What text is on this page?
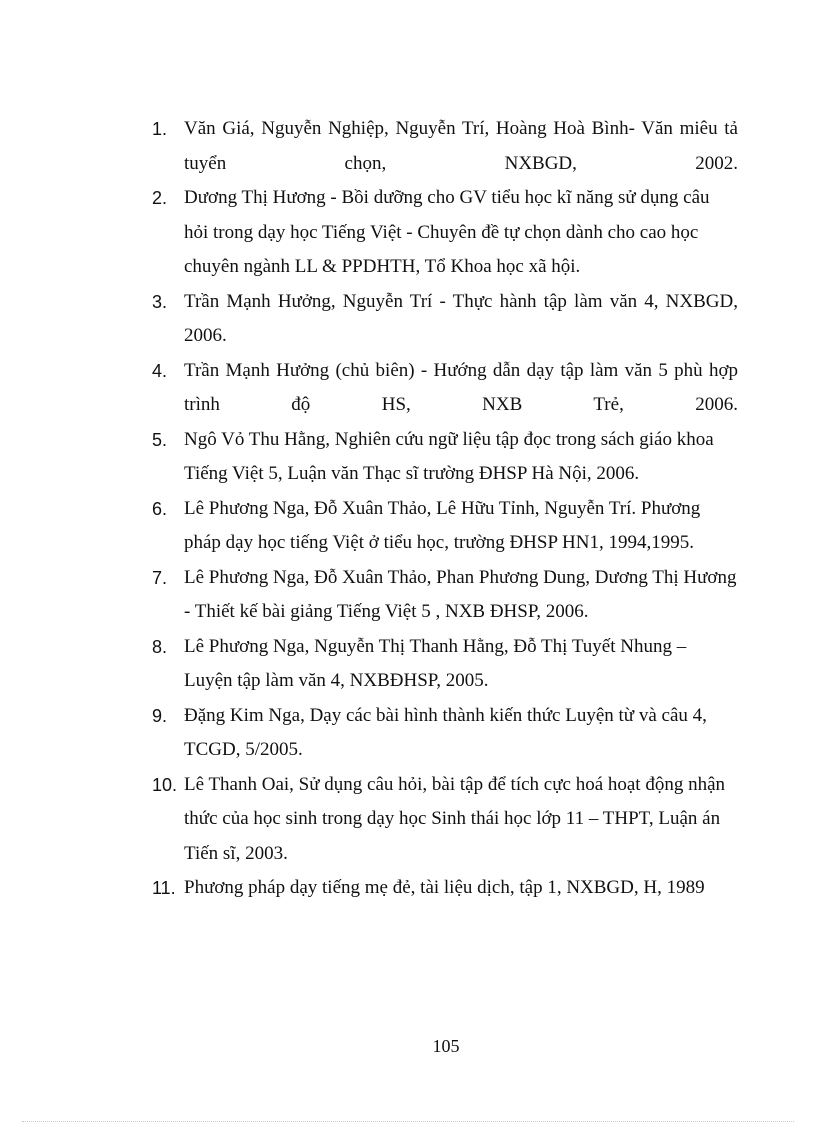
1. Văn Giá, Nguyễn Nghiệp, Nguyễn Trí, Hoàng Hoà Bình- Văn miêu tả tuyển chọn, NXBGD, 2002.
2. Dương Thị Hương - Bồi dưỡng cho GV tiểu học kĩ năng sử dụng câu hỏi trong dạy học Tiếng Việt - Chuyên đề tự chọn dành cho cao học chuyên ngành LL & PPDHTH, Tổ Khoa học xã hội.
3. Trần Mạnh Hưởng, Nguyễn Trí - Thực hành tập làm văn 4, NXBGD, 2006.
4. Trần Mạnh Hưởng (chủ biên) - Hướng dẫn dạy tập làm văn 5 phù hợp trình độ HS, NXB Trẻ, 2006.
5. Ngô Vỏ Thu Hằng, Nghiên cứu ngữ liệu tập đọc trong sách giáo khoa Tiếng Việt 5, Luận văn Thạc sĩ trường ĐHSP Hà Nội, 2006.
6. Lê Phương Nga, Đỗ Xuân Thảo, Lê Hữu Tỉnh, Nguyễn Trí. Phương pháp dạy học tiếng Việt ở tiểu học, trường ĐHSP HN1, 1994,1995.
7. Lê Phương Nga, Đỗ Xuân Thảo, Phan Phương Dung, Dương Thị Hương - Thiết kế bài giảng Tiếng Việt 5 , NXB ĐHSP, 2006.
8. Lê Phương Nga, Nguyễn Thị Thanh Hằng, Đỗ Thị Tuyết Nhung – Luyện tập làm văn 4, NXBĐHSP, 2005.
9. Đặng Kim Nga, Dạy các bài hình thành kiến thức Luyện từ và câu 4, TCGD, 5/2005.
10. Lê Thanh Oai, Sử dụng câu hỏi, bài tập để tích cực hoá hoạt động nhận thức của học sinh trong dạy học Sinh thái học lớp 11 – THPT, Luận án Tiến sĩ, 2003.
11. Phương pháp dạy tiếng mẹ đẻ, tài liệu dịch, tập 1, NXBGD, H, 1989
105
